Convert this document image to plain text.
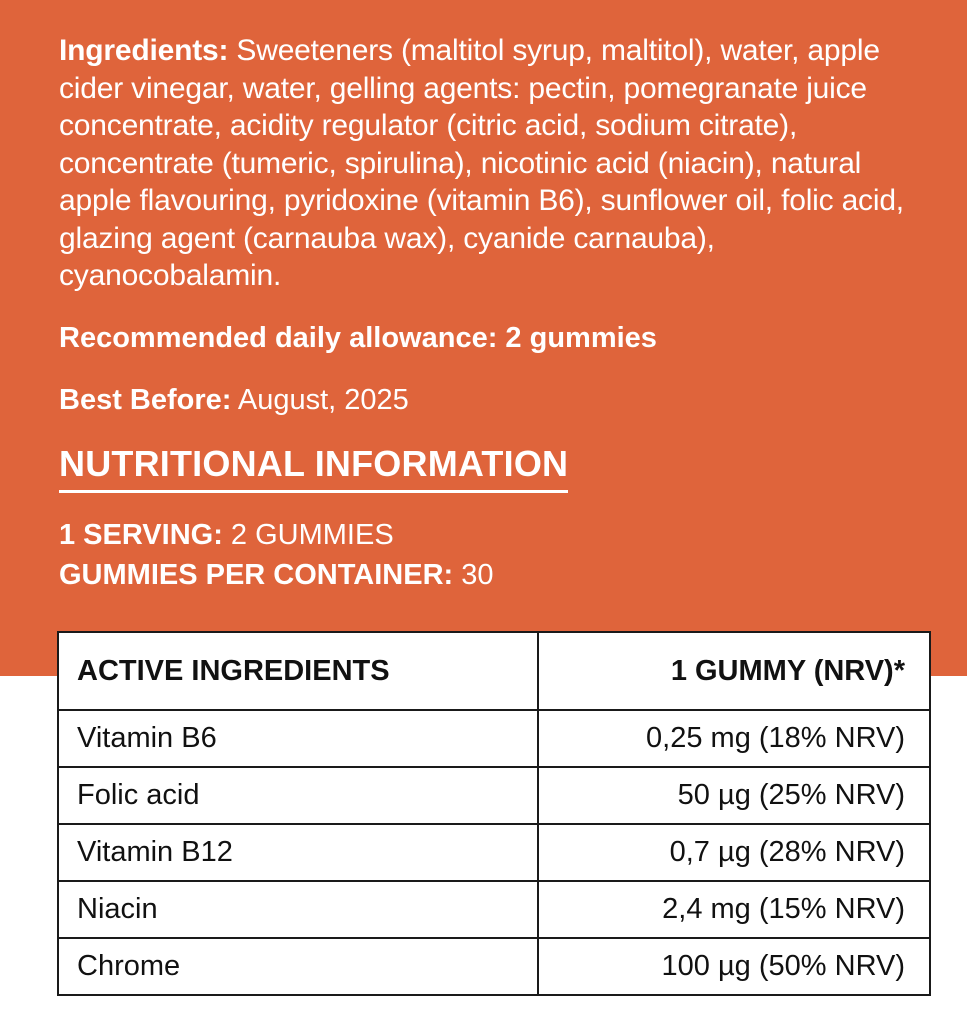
Ingredients: Sweeteners (maltitol syrup, maltitol), water, apple cider vinegar, water, gelling agents: pectin, pomegranate juice concentrate, acidity regulator (citric acid, sodium citrate), concentrate (tumeric, spirulina), nicotinic acid (niacin), natural apple flavouring, pyridoxine (vitamin B6), sunflower oil, folic acid, glazing agent (carnauba wax), cyanide carnauba), cyanocobalamin.

Recommended daily allowance: 2 gummies

Best Before: August, 2025

NUTRITIONAL INFORMATION
1 SERVING: 2 GUMMIES
GUMMIES PER CONTAINER: 30
ACTIVE INGREDIENTS	1 GUMMY (NRV)*
Vitamin B6	0,25 mg (18% NRV)
Folic acid	50 µg (25% NRV)
Vitamin B12	0,7 µg (28% NRV)
Niacin	2,4 mg (15% NRV)
Chrome	100 µg (50% NRV)
